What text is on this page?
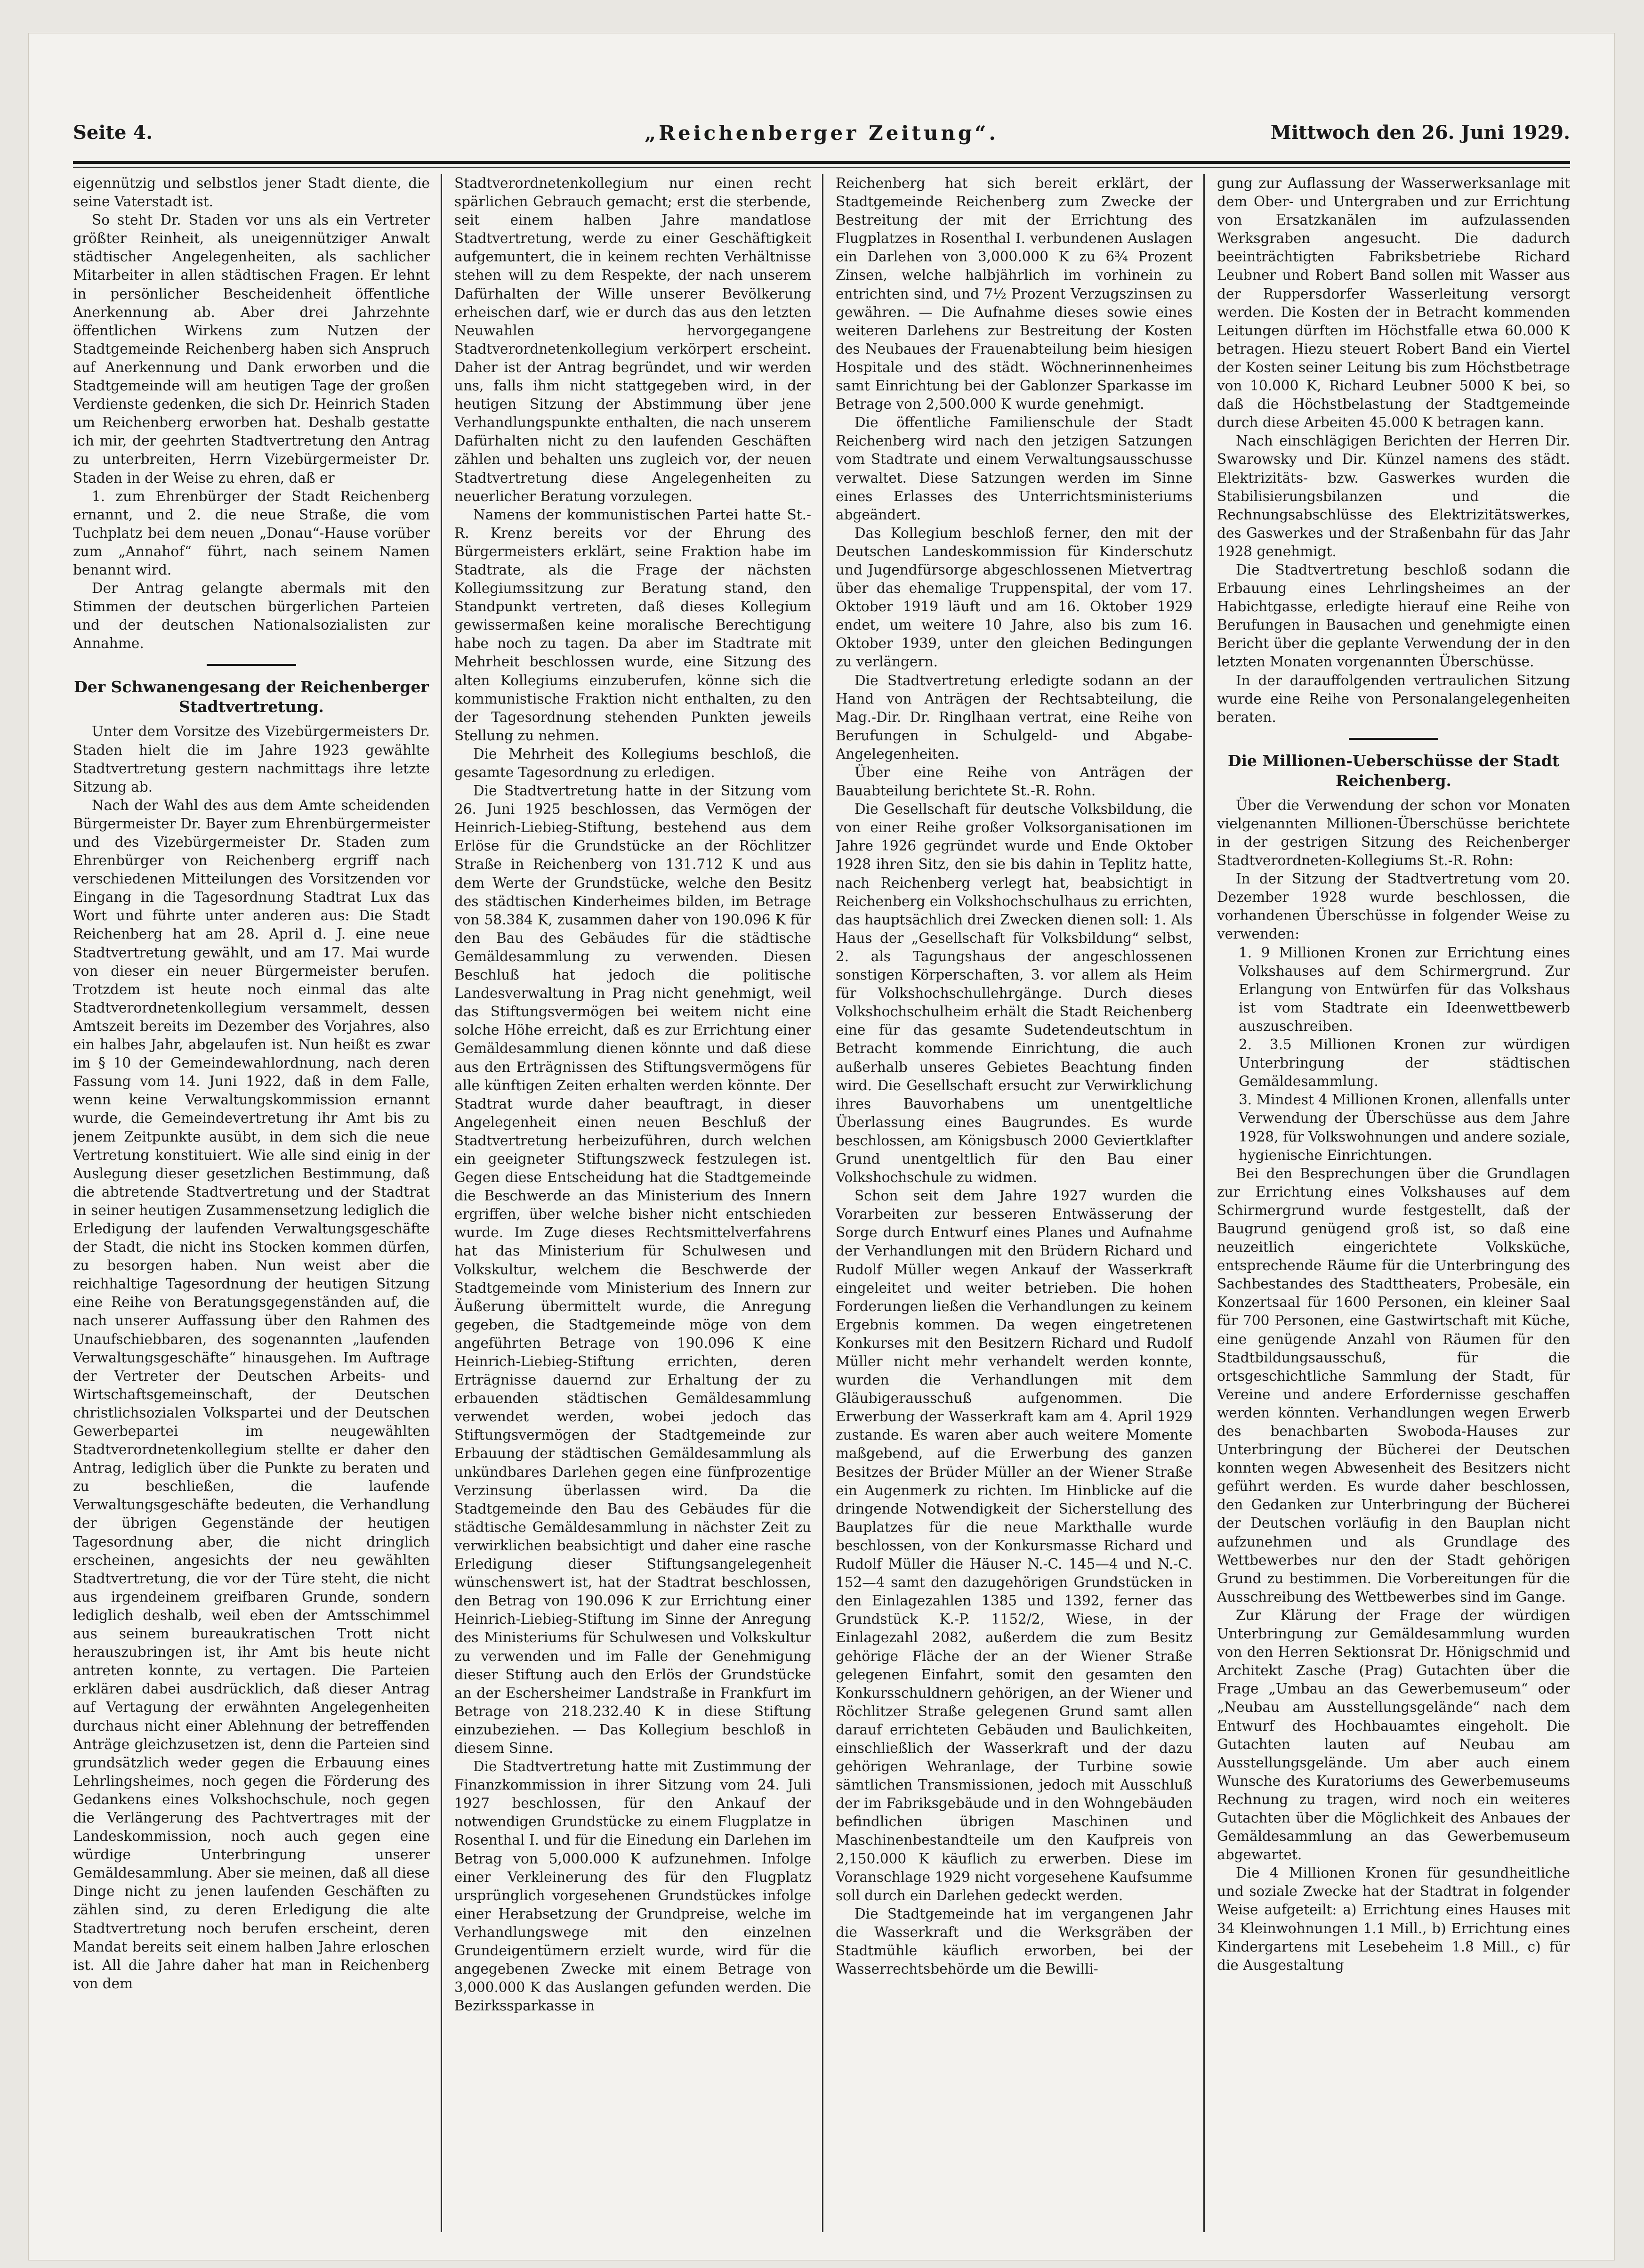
Seite 4.	„Reichenberger Zeitung“.	Mittwoch den 26. Juni 1929.

eigennützig und selbstlos jener Stadt diente, die seine Vaterstadt ist.

So steht Dr. Staden vor uns als ein Vertreter größter Reinheit, als uneigennütziger Anwalt städtischer Angelegenheiten, als sachlicher Mitarbeiter in allen städtischen Fragen. Er lehnt in persönlicher Bescheidenheit öffentliche Anerkennung ab. Aber drei Jahrzehnte öffentlichen Wirkens zum Nutzen der Stadtgemeinde Reichenberg haben sich Anspruch auf Anerkennung und Dank erworben und die Stadtgemeinde will am heutigen Tage der großen Verdienste gedenken, die sich Dr. Heinrich Staden um Reichenberg erworben hat. Deshalb gestatte ich mir, der geehrten Stadtvertretung den Antrag zu unterbreiten, Herrn Vizebürgermeister Dr. Staden in der Weise zu ehren, daß er

1. zum Ehrenbürger der Stadt Reichenberg ernannt, und 2. die neue Straße, die vom Tuchplatz bei dem neuen „Donau“-Hause vorüber zum „Annahof“ führt, nach seinem Namen benannt wird.

Der Antrag gelangte abermals mit den Stimmen der deutschen bürgerlichen Parteien und der deutschen Nationalsozialisten zur Annahme.

Der Schwanengesang der Reichenberger Stadtvertretung.

Unter dem Vorsitze des Vizebürgermeisters Dr. Staden hielt die im Jahre 1923 gewählte Stadtvertretung gestern nachmittags ihre letzte Sitzung ab.

Nach der Wahl des aus dem Amte scheidenden Bürgermeister Dr. Bayer zum Ehrenbürgermeister und des Vizebürgermeister Dr. Staden zum Ehrenbürger von Reichenberg ergriff nach verschiedenen Mitteilungen des Vorsitzenden vor Eingang in die Tagesordnung Stadtrat Lux das Wort und führte unter anderen aus: Die Stadt Reichenberg hat am 28. April d. J. eine neue Stadtvertretung gewählt, und am 17. Mai wurde von dieser ein neuer Bürgermeister berufen. Trotzdem ist heute noch einmal das alte Stadtverordnetenkollegium versammelt, dessen Amtszeit bereits im Dezember des Vorjahres, also ein halbes Jahr, abgelaufen ist. Nun heißt es zwar im § 10 der Gemeindewahlordnung, nach deren Fassung vom 14. Juni 1922, daß in dem Falle, wenn keine Verwaltungskommission ernannt wurde, die Gemeindevertretung ihr Amt bis zu jenem Zeitpunkte ausübt, in dem sich die neue Vertretung konstituiert. Wie alle sind einig in der Auslegung dieser gesetzlichen Bestimmung, daß die abtretende Stadtvertretung und der Stadtrat in seiner heutigen Zusammensetzung lediglich die Erledigung der laufenden Verwaltungsgeschäfte der Stadt, die nicht ins Stocken kommen dürfen, zu besorgen haben. Nun weist aber die reichhaltige Tagesordnung der heutigen Sitzung eine Reihe von Beratungsgegenständen auf, die nach unserer Auffassung über den Rahmen des Unaufschiebbaren, des sogenannten „laufenden Verwaltungsgeschäfte“ hinausgehen. Im Auftrage der Vertreter der Deutschen Arbeits- und Wirtschaftsgemeinschaft, der Deutschen christlichsozialen Volkspartei und der Deutschen Gewerbepartei im neugewählten Stadtverordnetenkollegium stellte er daher den Antrag, lediglich über die Punkte zu beraten und zu beschließen, die laufende Verwaltungsgeschäfte bedeuten, die Verhandlung der übrigen Gegenstände der heutigen Tagesordnung aber, die nicht dringlich erscheinen, angesichts der neu gewählten Stadtvertretung, die vor der Türe steht, die nicht aus irgendeinem greifbaren Grunde, sondern lediglich deshalb, weil eben der Amtsschimmel aus seinem bureaukratischen Trott nicht herauszubringen ist, ihr Amt bis heute nicht antreten konnte, zu vertagen. Die Parteien erklären dabei ausdrücklich, daß dieser Antrag auf Vertagung der erwähnten Angelegenheiten durchaus nicht einer Ablehnung der betreffenden Anträge gleichzusetzen ist, denn die Parteien sind grundsätzlich weder gegen die Erbauung eines Lehrlingsheimes, noch gegen die Förderung des Gedankens eines Volkshochschule, noch gegen die Verlängerung des Pachtvertrages mit der Landeskommission, noch auch gegen eine würdige Unterbringung unserer Gemäldesammlung. Aber sie meinen, daß all diese Dinge nicht zu jenen laufenden Geschäften zu zählen sind, zu deren Erledigung die alte Stadtvertretung noch berufen erscheint, deren Mandat bereits seit einem halben Jahre erloschen ist. All die Jahre daher hat man in Reichenberg von dem

Stadtverordnetenkollegium nur einen recht spärlichen Gebrauch gemacht; erst die sterbende, seit einem halben Jahre mandatlose Stadtvertretung, werde zu einer Geschäftigkeit aufgemuntert, die in keinem rechten Verhältnisse stehen will zu dem Respekte, der nach unserem Dafürhalten der Wille unserer Bevölkerung erheischen darf, wie er durch das aus den letzten Neuwahlen hervorgegangene Stadtverordnetenkollegium verkörpert erscheint. Daher ist der Antrag begründet, und wir werden uns, falls ihm nicht stattgegeben wird, in der heutigen Sitzung der Abstimmung über jene Verhandlungspunkte enthalten, die nach unserem Dafürhalten nicht zu den laufenden Geschäften zählen und behalten uns zugleich vor, der neuen Stadtvertretung diese Angelegenheiten zu neuerlicher Beratung vorzulegen.

Namens der kommunistischen Partei hatte St.-R. Krenz bereits vor der Ehrung des Bürgermeisters erklärt, seine Fraktion habe im Stadtrate, als die Frage der nächsten Kollegiumssitzung zur Beratung stand, den Standpunkt vertreten, daß dieses Kollegium gewissermaßen keine moralische Berechtigung habe noch zu tagen. Da aber im Stadtrate mit Mehrheit beschlossen wurde, eine Sitzung des alten Kollegiums einzuberufen, könne sich die kommunistische Fraktion nicht enthalten, zu den der Tagesordnung stehenden Punkten jeweils Stellung zu nehmen.

Die Mehrheit des Kollegiums beschloß, die gesamte Tagesordnung zu erledigen.

Die Stadtvertretung hatte in der Sitzung vom 26. Juni 1925 beschlossen, das Vermögen der Heinrich-Liebieg-Stiftung, bestehend aus dem Erlöse für die Grundstücke an der Röchlitzer Straße in Reichenberg von 131.712 K und aus dem Werte der Grundstücke, welche den Besitz des städtischen Kinderheimes bilden, im Betrage von 58.384 K, zusammen daher von 190.096 K für den Bau des Gebäudes für die städtische Gemäldesammlung zu verwenden. Diesen Beschluß hat jedoch die politische Landesverwaltung in Prag nicht genehmigt, weil das Stiftungsvermögen bei weitem nicht eine solche Höhe erreicht, daß es zur Errichtung einer Gemäldesammlung dienen könnte und daß diese aus den Erträgnissen des Stiftungsvermögens für alle künftigen Zeiten erhalten werden könnte. Der Stadtrat wurde daher beauftragt, in dieser Angelegenheit einen neuen Beschluß der Stadtvertretung herbeizuführen, durch welchen ein geeigneter Stiftungszweck festzulegen ist. Gegen diese Entscheidung hat die Stadtgemeinde die Beschwerde an das Ministerium des Innern ergriffen, über welche bisher nicht entschieden wurde. Im Zuge dieses Rechtsmittelverfahrens hat das Ministerium für Schulwesen und Volkskultur, welchem die Beschwerde der Stadtgemeinde vom Ministerium des Innern zur Äußerung übermittelt wurde, die Anregung gegeben, die Stadtgemeinde möge von dem angeführten Betrage von 190.096 K eine Heinrich-Liebieg-Stiftung errichten, deren Erträgnisse dauernd zur Erhaltung der zu erbauenden städtischen Gemäldesammlung verwendet werden, wobei jedoch das Stiftungsvermögen der Stadtgemeinde zur Erbauung der städtischen Gemäldesammlung als unkündbares Darlehen gegen eine fünfprozentige Verzinsung überlassen wird. Da die Stadtgemeinde den Bau des Gebäudes für die städtische Gemäldesammlung in nächster Zeit zu verwirklichen beabsichtigt und daher eine rasche Erledigung dieser Stiftungsangelegenheit wünschenswert ist, hat der Stadtrat beschlossen, den Betrag von 190.096 K zur Errichtung einer Heinrich-Liebieg-Stiftung im Sinne der Anregung des Ministeriums für Schulwesen und Volkskultur zu verwenden und im Falle der Genehmigung dieser Stiftung auch den Erlös der Grundstücke an der Eschersheimer Landstraße in Frankfurt im Betrage von 218.232.40 K in diese Stiftung einzubeziehen. — Das Kollegium beschloß in diesem Sinne.

Die Stadtvertretung hatte mit Zustimmung der Finanzkommission in ihrer Sitzung vom 24. Juli 1927 beschlossen, für den Ankauf der notwendigen Grundstücke zu einem Flugplatze in Rosenthal I. und für die Einedung ein Darlehen im Betrag von 5,000.000 K aufzunehmen. Infolge einer Verkleinerung des für den Flugplatz ursprünglich vorgesehenen Grundstückes infolge einer Herabsetzung der Grundpreise, welche im Verhandlungswege mit den einzelnen Grundeigentümern erzielt wurde, wird für die angegebenen Zwecke mit einem Betrage von 3,000.000 K das Auslangen gefunden werden. Die Bezirkssparkasse in

Reichenberg hat sich bereit erklärt, der Stadtgemeinde Reichenberg zum Zwecke der Bestreitung der mit der Errichtung des Flugplatzes in Rosenthal I. verbundenen Auslagen ein Darlehen von 3,000.000 K zu 6¾ Prozent Zinsen, welche halbjährlich im vorhinein zu entrichten sind, und 7½ Prozent Verzugszinsen zu gewähren. — Die Aufnahme dieses sowie eines weiteren Darlehens zur Bestreitung der Kosten des Neubaues der Frauenabteilung beim hiesigen Hospitale und des städt. Wöchnerinnenheimes samt Einrichtung bei der Gablonzer Sparkasse im Betrage von 2,500.000 K wurde genehmigt.

Die öffentliche Familienschule der Stadt Reichenberg wird nach den jetzigen Satzungen vom Stadtrate und einem Verwaltungsausschusse verwaltet. Diese Satzungen werden im Sinne eines Erlasses des Unterrichtsministeriums abgeändert.

Das Kollegium beschloß ferner, den mit der Deutschen Landeskommission für Kinderschutz und Jugendfürsorge abgeschlossenen Mietvertrag über das ehemalige Truppenspital, der vom 17. Oktober 1919 läuft und am 16. Oktober 1929 endet, um weitere 10 Jahre, also bis zum 16. Oktober 1939, unter den gleichen Bedingungen zu verlängern.

Die Stadtvertretung erledigte sodann an der Hand von Anträgen der Rechtsabteilung, die Mag.-Dir. Dr. Ringlhaan vertrat, eine Reihe von Berufungen in Schulgeld- und Abgabe-Angelegenheiten.

Über eine Reihe von Anträgen der Bauabteilung berichtete St.-R. Rohn.

Die Gesellschaft für deutsche Volksbildung, die von einer Reihe großer Volksorganisationen im Jahre 1926 gegründet wurde und Ende Oktober 1928 ihren Sitz, den sie bis dahin in Teplitz hatte, nach Reichenberg verlegt hat, beabsichtigt in Reichenberg ein Volkshochschulhaus zu errichten, das hauptsächlich drei Zwecken dienen soll: 1. Als Haus der „Gesellschaft für Volksbildung“ selbst, 2. als Tagungshaus der angeschlossenen sonstigen Körperschaften, 3. vor allem als Heim für Volkshochschullehrgänge. Durch dieses Volkshochschulheim erhält die Stadt Reichenberg eine für das gesamte Sudetendeutschtum in Betracht kommende Einrichtung, die auch außerhalb unseres Gebietes Beachtung finden wird. Die Gesellschaft ersucht zur Verwirklichung ihres Bauvorhabens um unentgeltliche Überlassung eines Baugrundes. Es wurde beschlossen, am Königsbusch 2000 Geviertklafter Grund unentgeltlich für den Bau einer Volkshochschule zu widmen.

Schon seit dem Jahre 1927 wurden die Vorarbeiten zur besseren Entwässerung der Sorge durch Entwurf eines Planes und Aufnahme der Verhandlungen mit den Brüdern Richard und Rudolf Müller wegen Ankauf der Wasserkraft eingeleitet und weiter betrieben. Die hohen Forderungen ließen die Verhandlungen zu keinem Ergebnis kommen. Da wegen eingetretenen Konkurses mit den Besitzern Richard und Rudolf Müller nicht mehr verhandelt werden konnte, wurden die Verhandlungen mit dem Gläubigerausschuß aufgenommen. Die Erwerbung der Wasserkraft kam am 4. April 1929 zustande. Es waren aber auch weitere Momente maßgebend, auf die Erwerbung des ganzen Besitzes der Brüder Müller an der Wiener Straße ein Augenmerk zu richten. Im Hinblicke auf die dringende Notwendigkeit der Sicherstellung des Bauplatzes für die neue Markthalle wurde beschlossen, von der Konkursmasse Richard und Rudolf Müller die Häuser N.-C. 145—4 und N.-C. 152—4 samt den dazugehörigen Grundstücken in den Einlagezahlen 1385 und 1392, ferner das Grundstück K.-P. 1152/2, Wiese, in der Einlagezahl 2082, außerdem die zum Besitz gehörige Fläche der an der Wiener Straße gelegenen Einfahrt, somit den gesamten den Konkursschuldnern gehörigen, an der Wiener und Röchlitzer Straße gelegenen Grund samt allen darauf errichteten Gebäuden und Baulichkeiten, einschließlich der Wasserkraft und der dazu gehörigen Wehranlage, der Turbine sowie sämtlichen Transmissionen, jedoch mit Ausschluß der im Fabriksgebäude und in den Wohngebäuden befindlichen übrigen Maschinen und Maschinenbestandteile um den Kaufpreis von 2,150.000 K käuflich zu erwerben. Diese im Voranschlage 1929 nicht vorgesehene Kaufsumme soll durch ein Darlehen gedeckt werden.

Die Stadtgemeinde hat im vergangenen Jahr die Wasserkraft und die Werksgräben der Stadtmühle käuflich erworben, bei der Wasserrechtsbehörde um die Bewilli-

gung zur Auflassung der Wasserwerksanlage mit dem Ober- und Untergraben und zur Errichtung von Ersatzkanälen im aufzulassenden Werksgraben angesucht. Die dadurch beeinträchtigten Fabriksbetriebe Richard Leubner und Robert Band sollen mit Wasser aus der Ruppersdorfer Wasserleitung versorgt werden. Die Kosten der in Betracht kommenden Leitungen dürften im Höchstfalle etwa 60.000 K betragen. Hiezu steuert Robert Band ein Viertel der Kosten seiner Leitung bis zum Höchstbetrage von 10.000 K, Richard Leubner 5000 K bei, so daß die Höchstbelastung der Stadtgemeinde durch diese Arbeiten 45.000 K betragen kann.

Nach einschlägigen Berichten der Herren Dir. Swarowsky und Dir. Künzel namens des städt. Elektrizitäts- bzw. Gaswerkes wurden die Stabilisierungsbilanzen und die Rechnungsabschlüsse des Elektrizitätswerkes, des Gaswerkes und der Straßenbahn für das Jahr 1928 genehmigt.

Die Stadtvertretung beschloß sodann die Erbauung eines Lehrlingsheimes an der Habichtgasse, erledigte hierauf eine Reihe von Berufungen in Bausachen und genehmigte einen Bericht über die geplante Verwendung der in den letzten Monaten vorgenannten Überschüsse.

In der darauffolgenden vertraulichen Sitzung wurde eine Reihe von Personalangelegenheiten beraten.

Die Millionen-Ueberschüsse der Stadt Reichenberg.

Über die Verwendung der schon vor Monaten vielgenannten Millionen-Überschüsse berichtete in der gestrigen Sitzung des Reichenberger Stadtverordneten-Kollegiums St.-R. Rohn:

In der Sitzung der Stadtvertretung vom 20. Dezember 1928 wurde beschlossen, die vorhandenen Überschüsse in folgender Weise zu verwenden:

1. 9 Millionen Kronen zur Errichtung eines Volkshauses auf dem Schirmergrund. Zur Erlangung von Entwürfen für das Volkshaus ist vom Stadtrate ein Ideenwettbewerb auszuschreiben.

2. 3.5 Millionen Kronen zur würdigen Unterbringung der städtischen Gemäldesammlung.

3. Mindest 4 Millionen Kronen, allenfalls unter Verwendung der Überschüsse aus dem Jahre 1928, für Volkswohnungen und andere soziale, hygienische Einrichtungen.

Bei den Besprechungen über die Grundlagen zur Errichtung eines Volkshauses auf dem Schirmergrund wurde festgestellt, daß der Baugrund genügend groß ist, so daß eine neuzeitlich eingerichtete Volksküche, entsprechende Räume für die Unterbringung des Sachbestandes des Stadttheaters, Probesäle, ein Konzertsaal für 1600 Personen, ein kleiner Saal für 700 Personen, eine Gastwirtschaft mit Küche, eine genügende Anzahl von Räumen für den Stadtbildungsausschuß, für die ortsgeschichtliche Sammlung der Stadt, für Vereine und andere Erfordernisse geschaffen werden könnten. Verhandlungen wegen Erwerb des benachbarten Swoboda-Hauses zur Unterbringung der Bücherei der Deutschen konnten wegen Abwesenheit des Besitzers nicht geführt werden. Es wurde daher beschlossen, den Gedanken zur Unterbringung der Bücherei der Deutschen vorläufig in den Bauplan nicht aufzunehmen und als Grundlage des Wettbewerbes nur den der Stadt gehörigen Grund zu bestimmen. Die Vorbereitungen für die Ausschreibung des Wettbewerbes sind im Gange.

Zur Klärung der Frage der würdigen Unterbringung zur Gemäldesammlung wurden von den Herren Sektionsrat Dr. Hönigschmid und Architekt Zasche (Prag) Gutachten über die Frage „Umbau an das Gewerbemuseum“ oder „Neubau am Ausstellungsgelände“ nach dem Entwurf des Hochbauamtes eingeholt. Die Gutachten lauten auf Neubau am Ausstellungsgelände. Um aber auch einem Wunsche des Kuratoriums des Gewerbemuseums Rechnung zu tragen, wird noch ein weiteres Gutachten über die Möglichkeit des Anbaues der Gemäldesammlung an das Gewerbemuseum abgewartet.

Die 4 Millionen Kronen für gesundheitliche und soziale Zwecke hat der Stadtrat in folgender Weise aufgeteilt: a) Errichtung eines Hauses mit 34 Kleinwohnungen 1.1 Mill., b) Errichtung eines Kindergartens mit Lesebeheim 1.8 Mill., c) für die Ausgestaltung
